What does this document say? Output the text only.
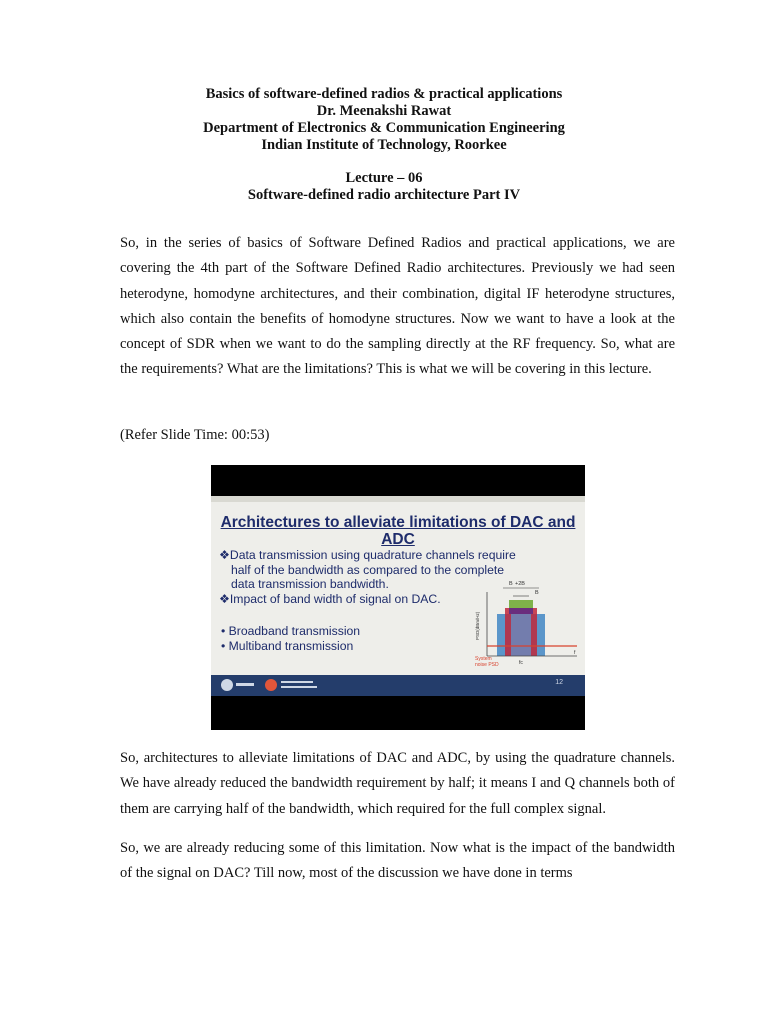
Basics of software-defined radios & practical applications
Dr. Meenakshi Rawat
Department of Electronics & Communication Engineering
Indian Institute of Technology, Roorkee
Lecture – 06
Software-defined radio architecture Part IV

So, in the series of basics of Software Defined Radios and practical applications, we are covering the 4th part of the Software Defined Radio architectures. Previously we had seen heterodyne, homodyne architectures, and their combination, digital IF heterodyne structures, which also contain the benefits of homodyne structures. Now we want to have a look at the concept of SDR when we want to do the sampling directly at the RF frequency. So, what are the requirements? What are the limitations? This is what we will be covering in this lecture.

(Refer Slide Time: 00:53)

Architectures to alleviate limitations of DAC and ADC
❖Data transmission using quadrature channels require half of the bandwidth as compared to the complete data transmission bandwidth.
❖Impact of band width of signal on DAC.
• Broadband transmission
• Multiband transmission
B +2B
B
PSD(dBm/Hz)
f
fc
System
noise PSD
12

So, architectures to alleviate limitations of DAC and ADC, by using the quadrature channels. We have already reduced the bandwidth requirement by half; it means I and Q channels both of them are carrying half of the bandwidth, which required for the full complex signal.

So, we are already reducing some of this limitation. Now what is the impact of the bandwidth of the signal on DAC? Till now, most of the discussion we have done in terms
